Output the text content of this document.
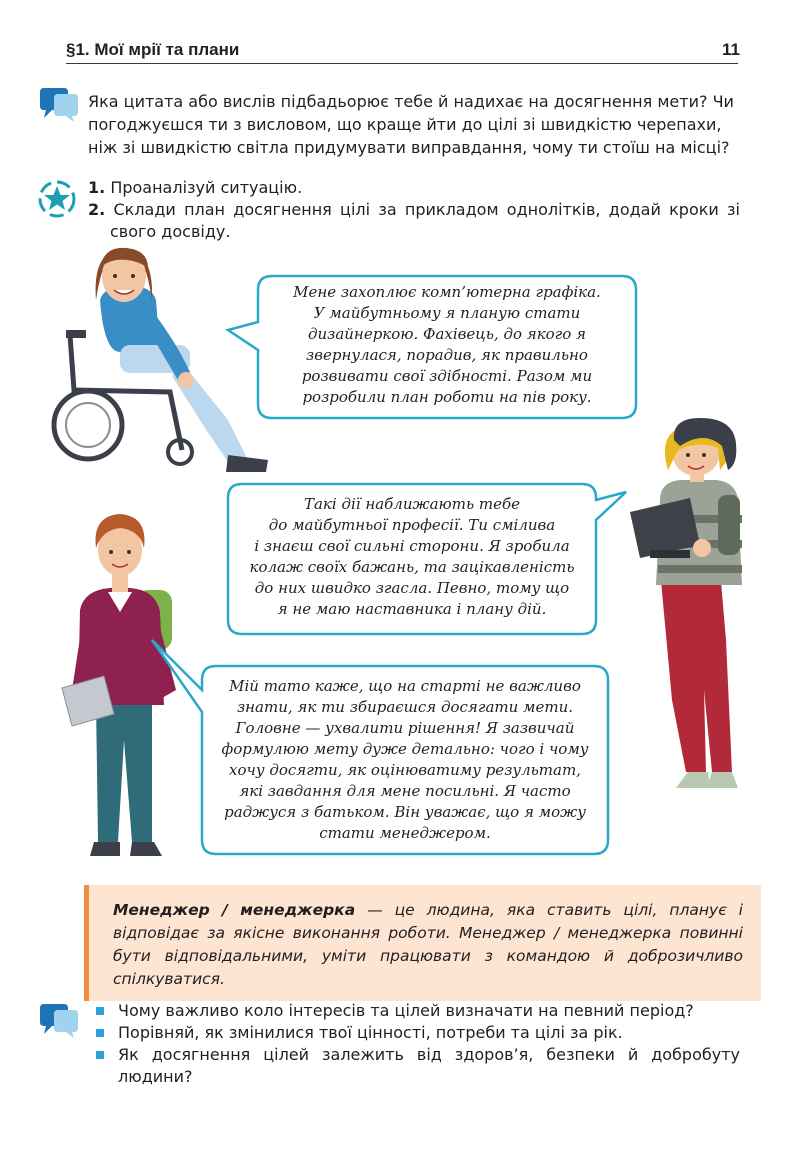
§1. Мої мрії та плани	11
Яка цитата або вислів підбадьорює тебе й надихає на досягнення мети? Чи погоджуєшся ти з висловом, що краще йти до цілі зі швидкістю черепахи, ніж зі швидкістю світла придумувати виправдання, чому ти стоїш на місці?
1. Проаналізуй ситуацію.
2. Склади план досягнення цілі за прикладом однолітків, додай кроки зі свого досвіду.
Мене захоплює комп’ютерна графіка.
У майбутньому я планую стати
дизайнеркою. Фахівець, до якого я
звернулася, порадив, як правильно
розвивати свої здібності. Разом ми
розробили план роботи на пів року.
Такі дії наближають тебе
до майбутньої професії. Ти смілива
і знаєш свої сильні сторони. Я зробила
колаж своїх бажань, та зацікавленість
до них швидко згасла. Певно, тому що
я не маю наставника і плану дій.
Мій тато каже, що на старті не важливо
знати, як ти збираєшся досягати мети.
Головне — ухвалити рішення! Я зазвичай
формулюю мету дуже детально: чого і чому
хочу досягти, як оцінюватиму результат,
які завдання для мене посильні. Я часто
раджуся з батьком. Він уважає, що я можу
стати менеджером.
Менеджер / менеджерка — це людина, яка ставить цілі, планує і відповідає за якісне виконання роботи. Менеджер / менеджерка повинні бути відповідальними, уміти працювати з командою й доброзичливо спілкуватися.
Чому важливо коло інтересів та цілей визначати на певний період?
Порівняй, як змінилися твої цінності, потреби та цілі за рік.
Як досягнення цілей залежить від здоров’я, безпеки й добробуту людини?
